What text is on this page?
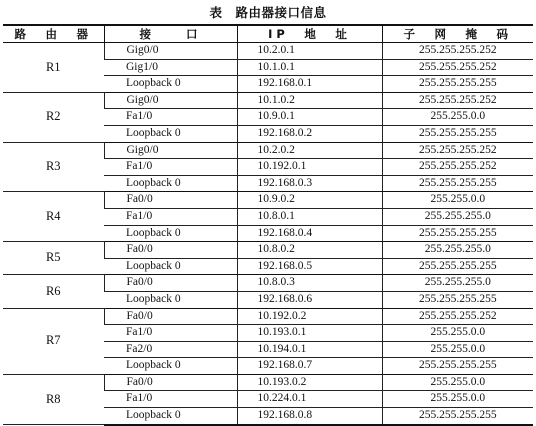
表　路由器接口信息
路　由　器	接　　口	IP　地　址	子　网　掩　码
R1	Gig0/0	10.2.0.1	255.255.255.252
	Gig1/0	10.1.0.1	255.255.255.252
	Loopback 0	192.168.0.1	255.255.255.255
R2	Gig0/0	10.1.0.2	255.255.255.252
	Fa1/0	10.9.0.1	255.255.0.0
	Loopback 0	192.168.0.2	255.255.255.255
R3	Gig0/0	10.2.0.2	255.255.255.252
	Fa1/0	10.192.0.1	255.255.255.252
	Loopback 0	192.168.0.3	255.255.255.255
R4	Fa0/0	10.9.0.2	255.255.0.0
	Fa1/0	10.8.0.1	255.255.255.0
	Loopback 0	192.168.0.4	255.255.255.255
R5	Fa0/0	10.8.0.2	255.255.255.0
	Loopback 0	192.168.0.5	255.255.255.255
R6	Fa0/0	10.8.0.3	255.255.255.0
	Loopback 0	192.168.0.6	255.255.255.255
R7	Fa0/0	10.192.0.2	255.255.255.252
	Fa1/0	10.193.0.1	255.255.0.0
	Fa2/0	10.194.0.1	255.255.0.0
	Loopback 0	192.168.0.7	255.255.255.255
R8	Fa0/0	10.193.0.2	255.255.0.0
	Fa1/0	10.224.0.1	255.255.0.0
	Loopback 0	192.168.0.8	255.255.255.255
